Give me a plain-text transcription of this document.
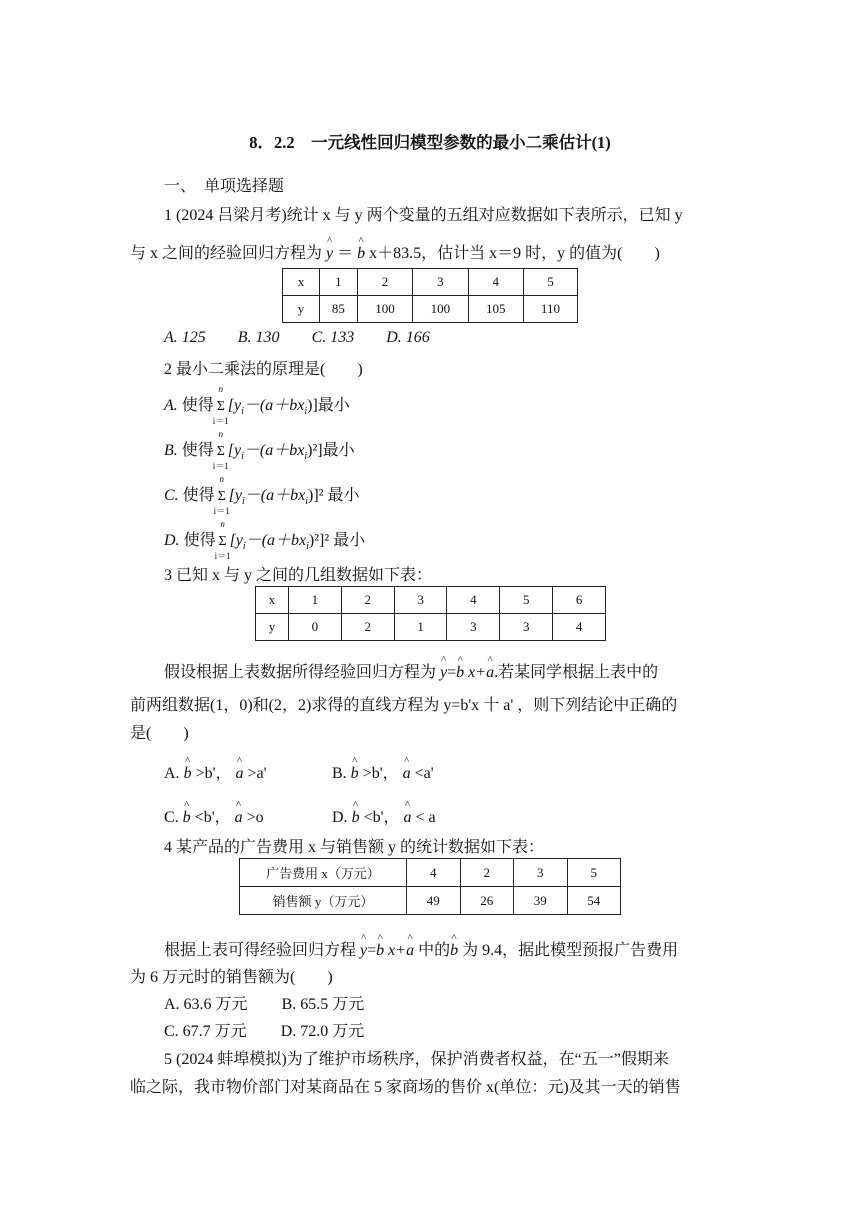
8．2.2　一元线性回归模型参数的最小二乘估计(1)
一、　单项选择题
1 (2024 吕梁月考)统计 x 与 y 两个变量的五组对应数据如下表所示，已知 y
与 x 之间的经验回归方程为 ^ y ＝ ^ b x＋83.5，估计当 x＝9 时，y 的值为( )
x	1	2	3	4	5
y	85	100	100	105	110
A. 125 B. 130 C. 133 D. 166
2 最小二乘法的原理是( )
A. 使得
n
Σ
i＝1
$[y_i-(a+bx_i)]$最小
B. 使得
n
Σ
i＝1
$[y_i-(a+bx_i)^2]$最小
C. 使得
n
Σ
i＝1
$[y_i-(a+bx_i)]^2$ 最小
D. 使得
n
Σ
i＝1
$[y_i-(a+bx_i)^2]^2$ 最小
3 已知 x 与 y 之间的几组数据如下表：
x	1	2	3	4	5	6
y	0	2	1	3	3	4
假设根据上表数据所得经验回归方程为 ^ y=^ b x+^ a.若某同学根据上表中的
前两组数据(1，0)和(2，2)求得的直线方程为 y=b'x 十 a' ，则下列结论中正确的
是( )
A. ^ b >b'， ^ a >a'	B. ^ b >b'， ^ a <a'
C. ^ b <b'， ^ a >o	D. ^ b <b'， ^ a < a
4 某产品的广告费用 x 与销售额 y 的统计数据如下表：
广告费用 x（万元）	4	2	3	5
销售额 y（万元）	49	26	39	54
根据上表可得经验回归方程 ^ y=^ b x+^ a 中的^ b 为 9.4，据此模型预报广告费用
为 6 万元时的销售额为( )
A. 63.6 万元 B. 65.5 万元
C. 67.7 万元 D. 72.0 万元
5 (2024 蚌埠模拟)为了维护市场秩序，保护消费者权益，在“五一”假期来
临之际，我市物价部门对某商品在 5 家商场的售价 x(单位：元)及其一天的销售
